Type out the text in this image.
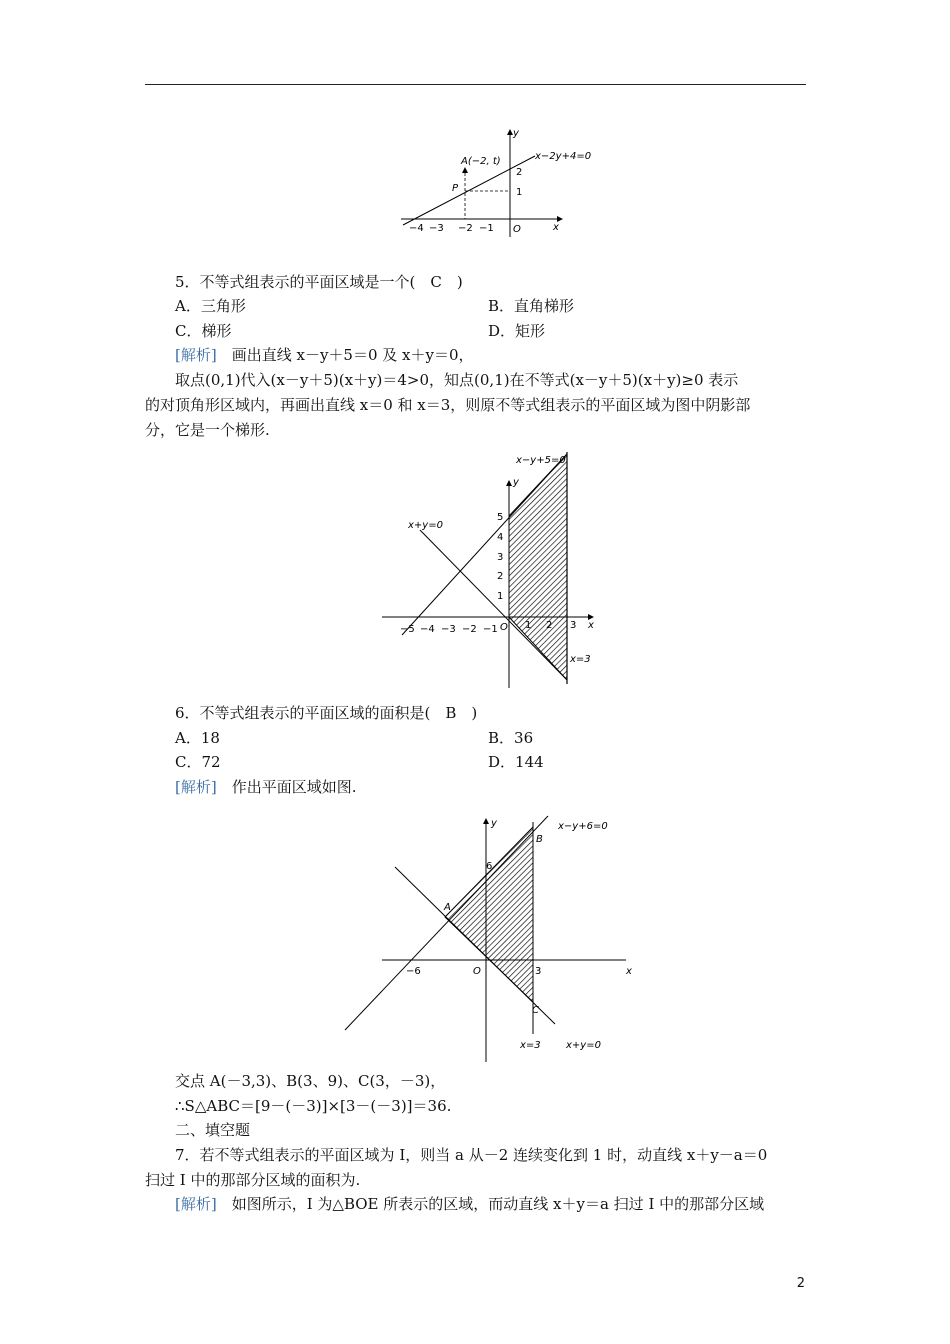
y
x−2y+4=0
A(−2, t)
P
2
1
−4 −3 −2 −1 O	x
5．不等式组表示的平面区域是一个(　C　)
A．三角形	B．直角梯形
C．梯形	D．矩形
[解析]　画出直线 x－y＋5＝0 及 x＋y＝0，
取点(0,1)代入(x－y＋5)(x＋y)＝4>0，知点(0,1)在不等式(x－y＋5)(x＋y)≥0 表示
的对顶角形区域内，再画出直线 x＝0 和 x＝3，则原不等式组表示的平面区域为图中阴影部
分，它是一个梯形.
x−y+5=0
y
x+y=0
5
4
3
2
1
−5 −4 −3 −2 −1 O 1 2 3 x
x=3
6．不等式组表示的平面区域的面积是(　B　)
A．18	B．36
C．72	D．144
[解析]　作出平面区域如图.
y	x−y+6=0
B
6
A
−6	O	3	x
C
x=3	x+y=0
交点 A(－3,3)、B(3、9)、C(3，－3)，
∴S△ABC＝[9－(－3)]×[3－(－3)]＝36.
二、填空题
7．若不等式组表示的平面区域为 I，则当 a 从－2 连续变化到 1 时，动直线 x＋y－a＝0
扫过 I 中的那部分区域的面积为.
[解析]　如图所示，I 为△BOE 所表示的区域，而动直线 x＋y＝a 扫过 I 中的那部分区域
2
